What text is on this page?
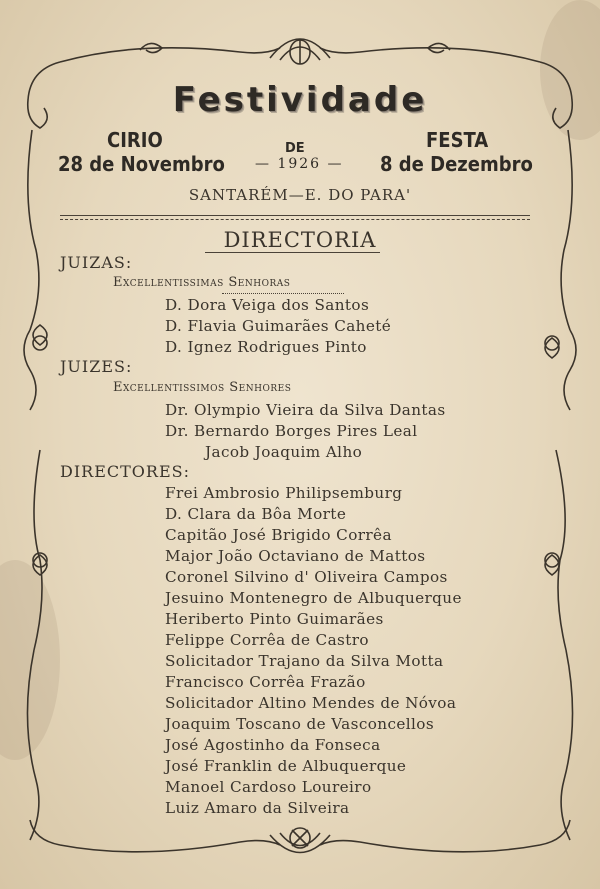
Festividade
CIRIO
28 de Novembro
DE
— 1926 —
FESTA
8 de Dezembro
SANTARÉM—E. DO PARA'
DIRECTORIA
JUIZAS:
Excellentissimas Senhoras
D. Dora Veiga dos Santos
D. Flavia Guimarães Caheté
D. Ignez Rodrigues Pinto
JUIZES:
Excellentissimos Senhores
Dr. Olympio Vieira da Silva Dantas
Dr. Bernardo Borges Pires Leal
Jacob Joaquim Alho
DIRECTORES:
Frei Ambrosio Philipsemburg
D. Clara da Bôa Morte
Capitão José Brigido Corrêa
Major João Octaviano de Mattos
Coronel Silvino d' Oliveira Campos
Jesuino Montenegro de Albuquerque
Heriberto Pinto Guimarães
Felippe Corrêa de Castro
Solicitador Trajano da Silva Motta
Francisco Corrêa Frazão
Solicitador Altino Mendes de Nóvoa
Joaquim Toscano de Vasconcellos
José Agostinho da Fonseca
José Franklin de Albuquerque
Manoel Cardoso Loureiro
Luiz Amaro da Silveira
